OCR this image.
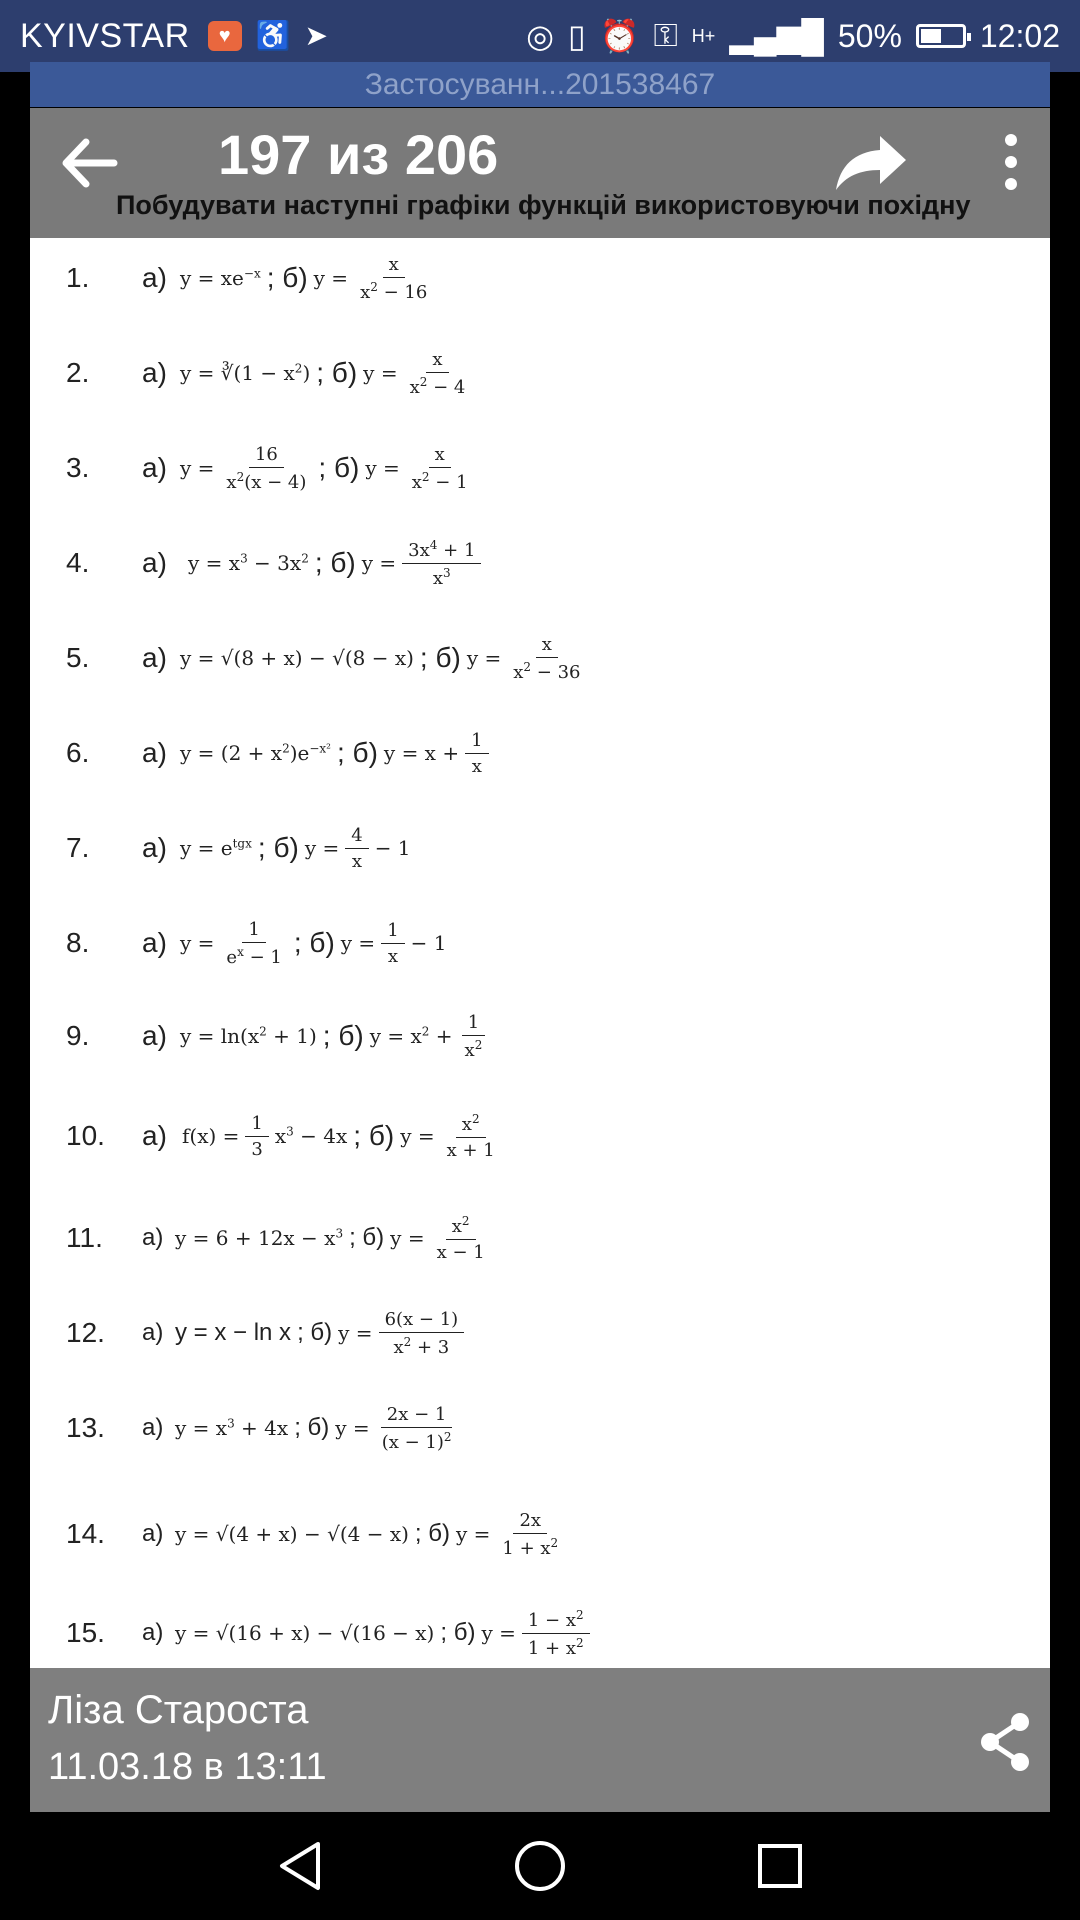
KYIVSTAR	♥ ♿ ➤	◎ ▯ ⏰ ⚿ H+ ▂▄▆█ 50% 12:02
Застосуванн...201538467
197 из 206
Побудувати наступні графіки функцій використовуючи похідну
1. а) $y = xe^{-x}$ ; б) $y = \frac{x}{x^2 - 16}$
2. а) y = ∛(1 − $x^2$) ; б) $y = \frac{x}{x^2 - 4}$
3. а) $y = \frac{16}{x^2(x - 4)}$ ; б) $y = \frac{x}{x^2 - 1}$
4. а) $y = x^3 - 3x^2$ ; б) $y = \frac{3x^4 + 1}{x^3}$
5. а) y = √(8 + x) − √(8 − x) ; б) $y = \frac{x}{x^2 - 36}$
6. а) $y = (2 + x^2)e^{-x^2}$ ; б) $y = x + \frac{1}{x}$
7. а) $y = e^{tgx}$ ; б) $y = \frac{4}{x} - 1$
8. а) $y = \frac{1}{e^x - 1}$ ; б) $y = \frac{1}{x} - 1$
9. а) $y = \ln(x^2 + 1)$ ; б) $y = x^2 + \frac{1}{x^2}$
10. а) $f(x) = \frac{1}{3} x^3 - 4x$ ; б) $y = \frac{x^2}{x + 1}$
11. а) $y = 6 + 12x - x^3$ ; б) $y = \frac{x^2}{x - 1}$
12. а) y = x − ln x ; б) $y = \frac{6(x - 1)}{x^2 + 3}$
13. а) $y = x^3 + 4x$ ; б) $y = \frac{2x - 1}{(x - 1)^2}$
14. а) y = √(4 + x) − √(4 − x) ; б) $y = \frac{2x}{1 + x^2}$
15. а) y = √(16 + x) − √(16 − x) ; б) $y = \frac{1 - x^2}{1 + x^2}$
Ліза Староста
11.03.18 в 13:11
